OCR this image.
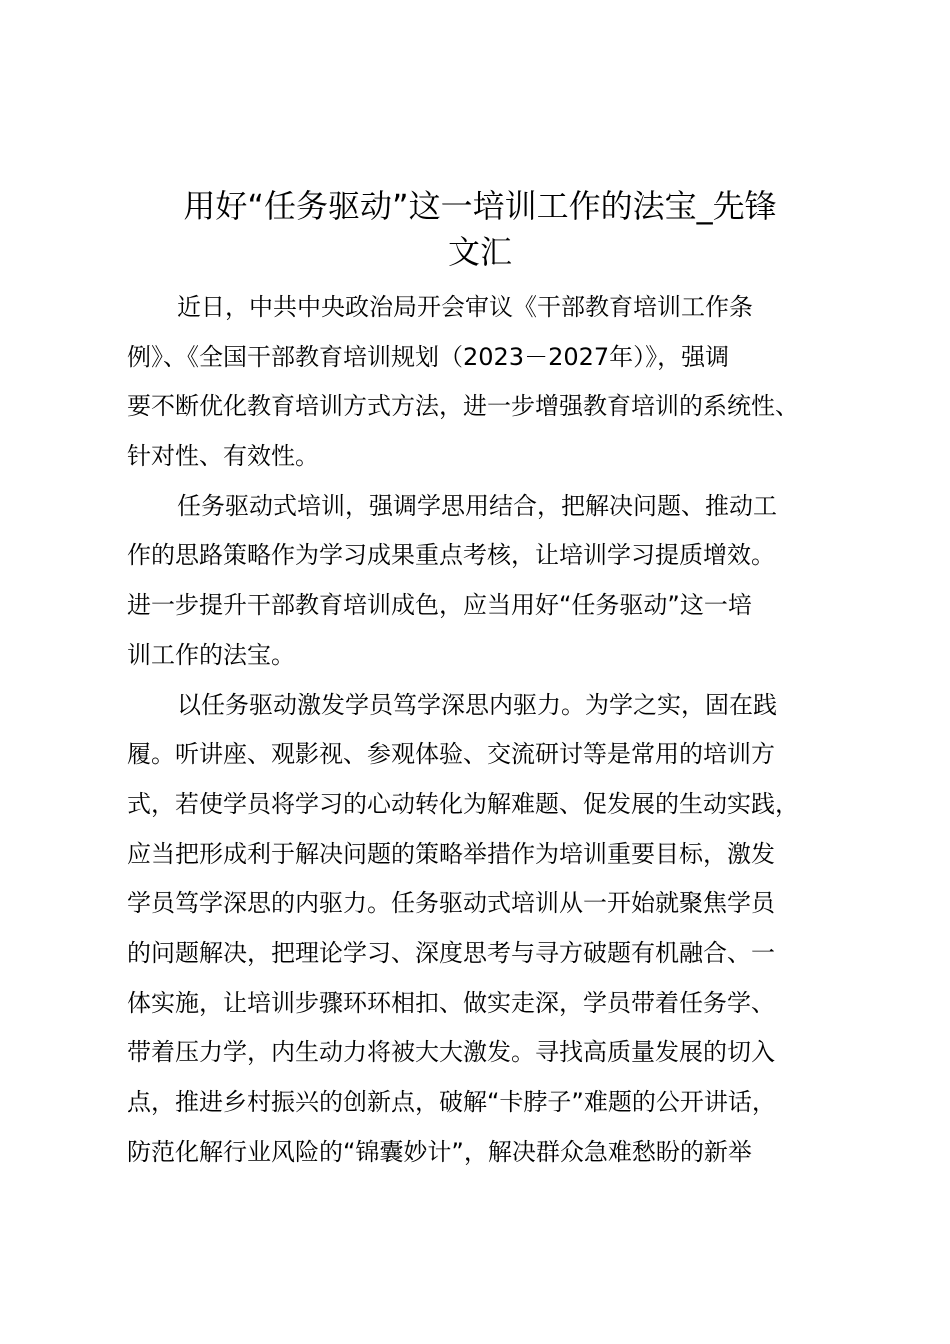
用好“任务驱动”这一培训工作的法宝_先锋
文汇
近日，中共中央政治局开会审议《干部教育培训工作条
例》、《全国干部教育培训规划（2023－2027年）》，强调
要不断优化教育培训方式方法，进一步增强教育培训的系统性、
针对性、有效性。
任务驱动式培训，强调学思用结合，把解决问题、推动工
作的思路策略作为学习成果重点考核，让培训学习提质增效。
进一步提升干部教育培训成色，应当用好“任务驱动”这一培
训工作的法宝。
以任务驱动激发学员笃学深思内驱力。为学之实，固在践
履。听讲座、观影视、参观体验、交流研讨等是常用的培训方
式，若使学员将学习的心动转化为解难题、促发展的生动实践，
应当把形成利于解决问题的策略举措作为培训重要目标，激发
学员笃学深思的内驱力。任务驱动式培训从一开始就聚焦学员
的问题解决，把理论学习、深度思考与寻方破题有机融合、一
体实施，让培训步骤环环相扣、做实走深，学员带着任务学、
带着压力学，内生动力将被大大激发。寻找高质量发展的切入
点，推进乡村振兴的创新点，破解“卡脖子”难题的公开讲话，
防范化解行业风险的“锦囊妙计”，解决群众急难愁盼的新举
